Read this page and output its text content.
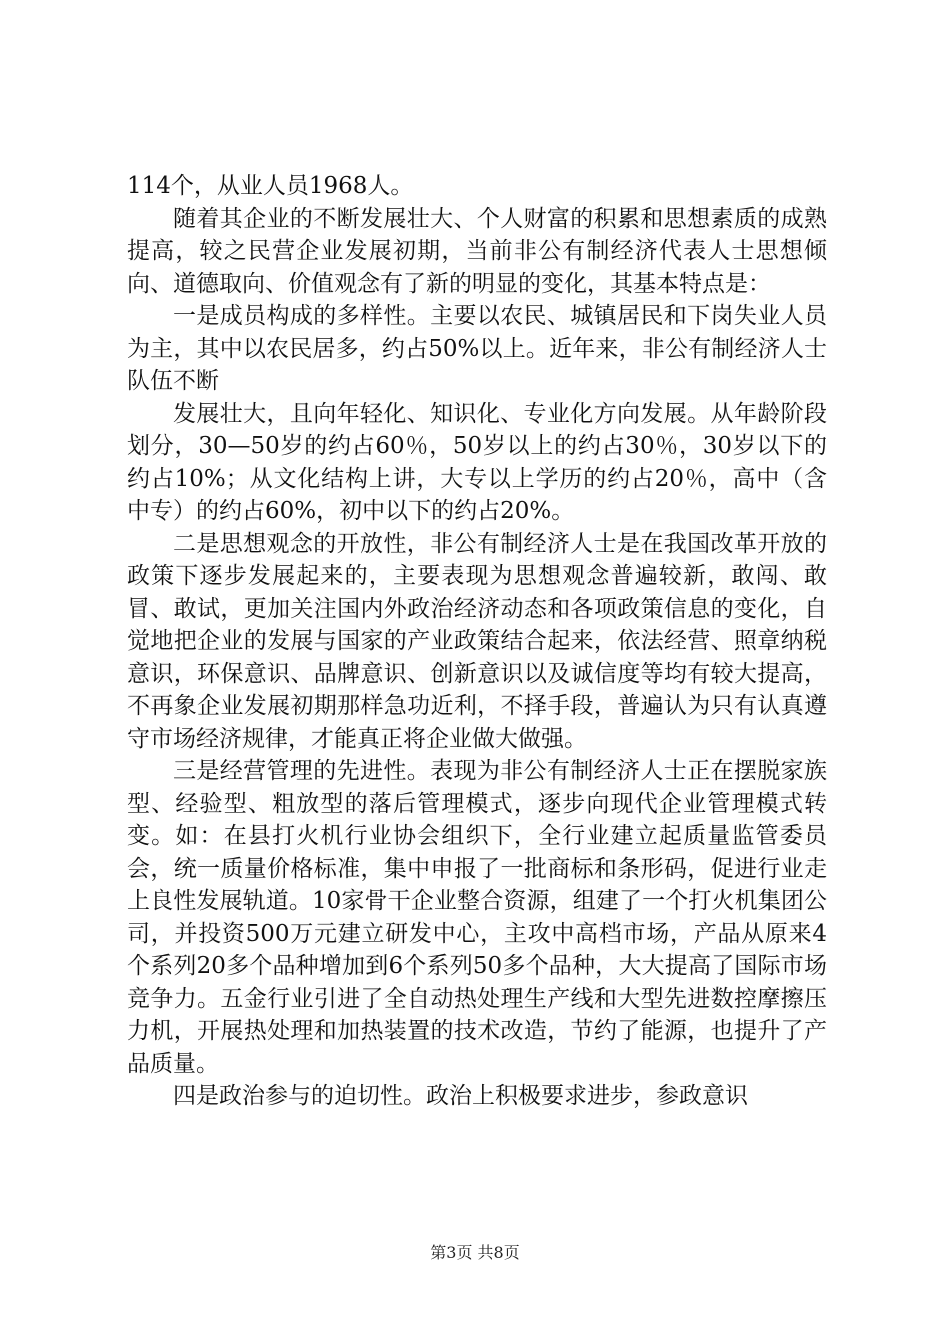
114个，从业人员1968人。

随着其企业的不断发展壮大、个人财富的积累和思想素质的成熟提高，较之民营企业发展初期，当前非公有制经济代表人士思想倾向、道德取向、价值观念有了新的明显的变化，其基本特点是：

一是成员构成的多样性。主要以农民、城镇居民和下岗失业人员为主，其中以农民居多，约占50%以上。近年来，非公有制经济人士队伍不断

发展壮大，且向年轻化、知识化、专业化方向发展。从年龄阶段划分，30—50岁的约占60％，50岁以上的约占30％，30岁以下的约占10%；从文化结构上讲，大专以上学历的约占20％，高中（含中专）的约占60%，初中以下的约占20%。

二是思想观念的开放性，非公有制经济人士是在我国改革开放的政策下逐步发展起来的，主要表现为思想观念普遍较新，敢闯、敢冒、敢试，更加关注国内外政治经济动态和各项政策信息的变化，自觉地把企业的发展与国家的产业政策结合起来，依法经营、照章纳税意识，环保意识、品牌意识、创新意识以及诚信度等均有较大提高，不再象企业发展初期那样急功近利，不择手段，普遍认为只有认真遵守市场经济规律，才能真正将企业做大做强。

三是经营管理的先进性。表现为非公有制经济人士正在摆脱家族型、经验型、粗放型的落后管理模式，逐步向现代企业管理模式转变。如：在县打火机行业协会组织下，全行业建立起质量监管委员会，统一质量价格标准，集中申报了一批商标和条形码，促进行业走上良性发展轨道。10家骨干企业整合资源，组建了一个打火机集团公司，并投资500万元建立研发中心，主攻中高档市场，产品从原来4个系列20多个品种增加到6个系列50多个品种，大大提高了国际市场竞争力。五金行业引进了全自动热处理生产线和大型先进数控摩擦压力机，开展热处理和加热装置的技术改造，节约了能源，也提升了产品质量。

四是政治参与的迫切性。政治上积极要求进步，参政意识

第3页 共8页
